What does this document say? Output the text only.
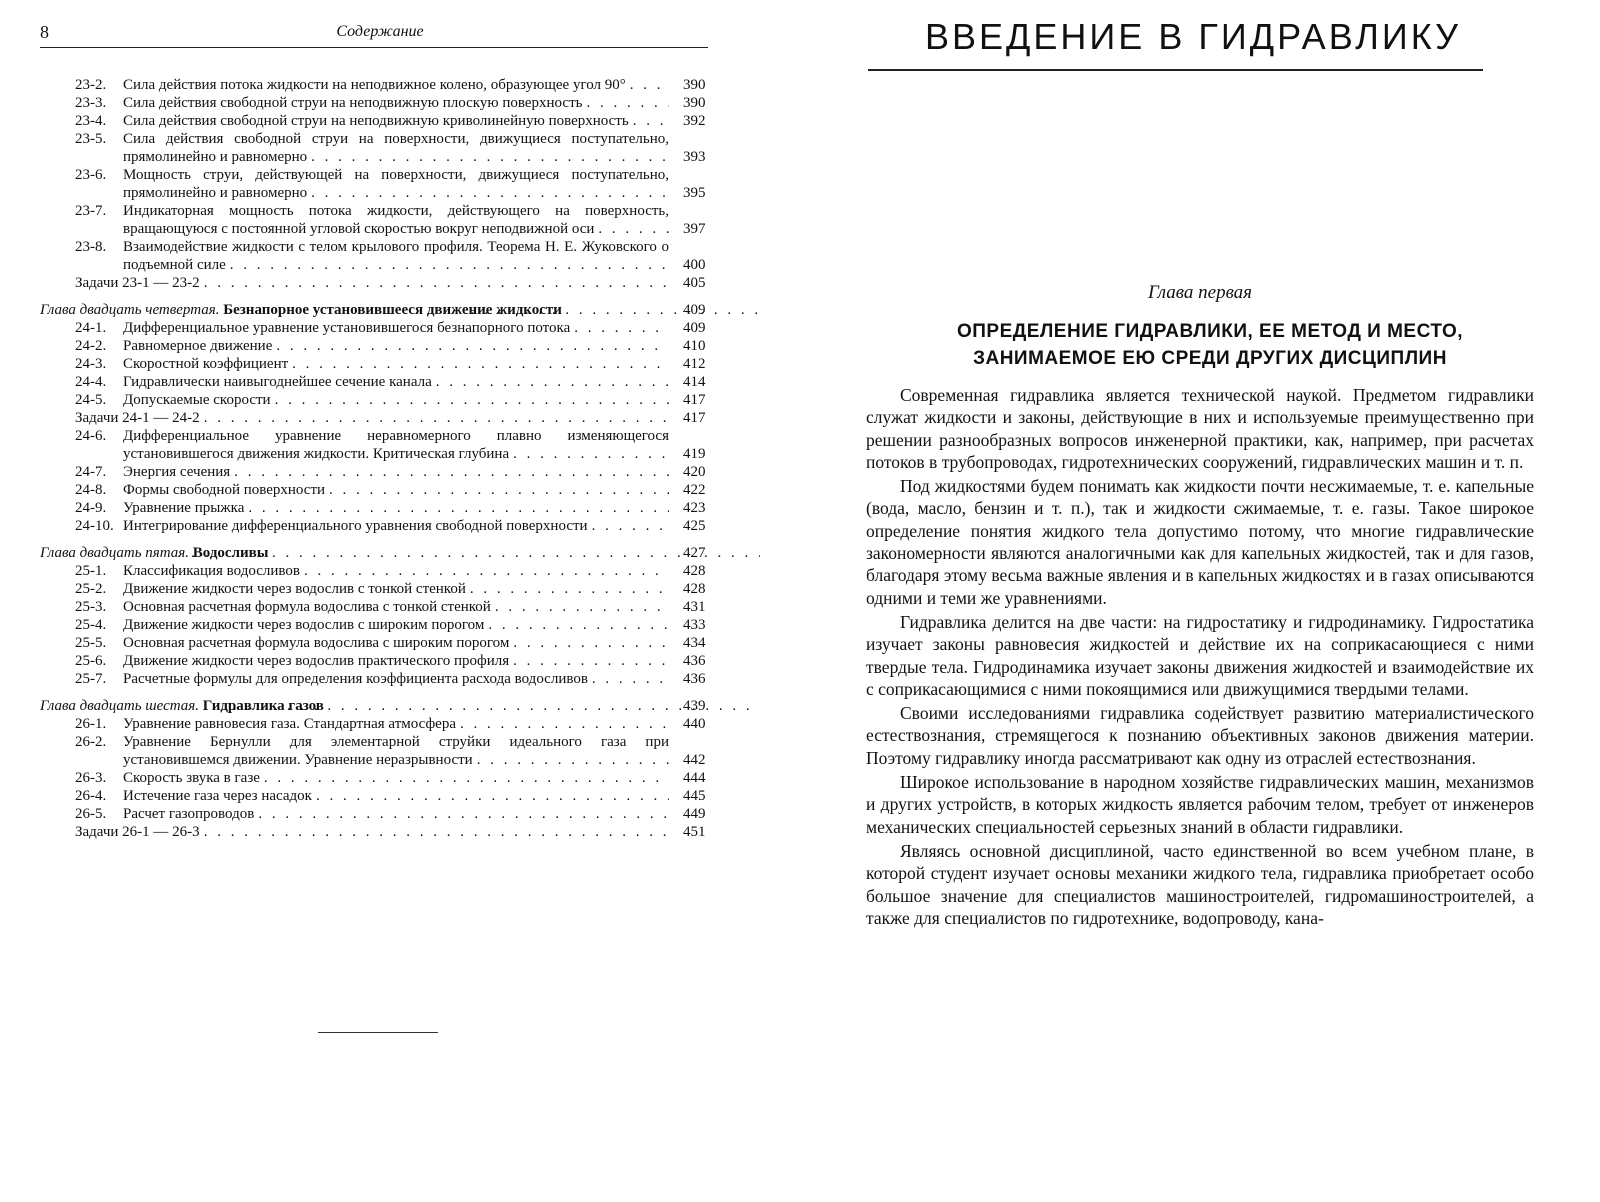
8	Содержание
23-2.	Сила действия потока жидкости на неподвижное колено, образующее угол 90° . . .	390
23-3.	Сила действия свободной струи на неподвижную плоскую поверхность . . .	390
23-4.	Сила действия свободной струи на неподвижную криволинейную поверхность . . .	392
23-5.	Сила действия свободной струи на поверхности, движущиеся поступательно, прямолинейно и равномерно . . .	393
23-6.	Мощность струи, действующей на поверхности, движущиеся поступательно, прямолинейно и равномерно . . .	395
23-7.	Индикаторная мощность потока жидкости, действующего на поверхность, вращающуюся с постоянной угловой скоростью вокруг неподвижной оси . . .	397
23-8.	Взаимодействие жидкости с телом крылового профиля. Теорема Н. Е. Жуковского о подъемной силе . . .	400
Задачи 23-1 — 23-2 . . .	405
Глава двадцать четвертая. Безнапорное установившееся движение жидкости . . .	409
24-1.	Дифференциальное уравнение установившегося безнапорного потока . . .	409
24-2.	Равномерное движение . . .	410
24-3.	Скоростной коэффициент . . .	412
24-4.	Гидравлически наивыгоднейшее сечение канала . . .	414
24-5.	Допускаемые скорости . . .	417
Задачи 24-1 — 24-2 . . .	417
24-6.	Дифференциальное уравнение неравномерного плавно изменяющегося установившегося движения жидкости. Критическая глубина . . .	419
24-7.	Энергия сечения . . .	420
24-8.	Формы свободной поверхности . . .	422
24-9.	Уравнение прыжка . . .	423
24-10. Интегрирование дифференциального уравнения свободной поверхности . . .	425
Глава двадцать пятая. Водосливы . . .	427
25-1.	Классификация водосливов . . .	428
25-2.	Движение жидкости через водослив с тонкой стенкой . . .	428
25-3.	Основная расчетная формула водослива с тонкой стенкой . . .	431
25-4.	Движение жидкости через водослив с широким порогом . . .	433
25-5.	Основная расчетная формула водослива с широким порогом . . .	434
25-6.	Движение жидкости через водослив практического профиля . . .	436
25-7.	Расчетные формулы для определения коэффициента расхода водосливов . . .	436
Глава двадцать шестая. Гидравлика газов . . .	439
26-1.	Уравнение равновесия газа. Стандартная атмосфера . . .	440
26-2.	Уравнение Бернулли для элементарной струйки идеального газа при установившемся движении. Уравнение неразрывности . . .	442
26-3.	Скорость звука в газе . . .	444
26-4.	Истечение газа через насадок . . .	445
26-5.	Расчет газопроводов . . .	449
Задачи 26-1 — 26-3 . . .	451
ВВЕДЕНИЕ В ГИДРАВЛИКУ
Глава первая
ОПРЕДЕЛЕНИЕ ГИДРАВЛИКИ, ЕЕ МЕТОД И МЕСТО,
ЗАНИМАЕМОЕ ЕЮ СРЕДИ ДРУГИХ ДИСЦИПЛИН

Современная гидравлика является технической наукой. Предметом гидравлики служат жидкости и законы, действующие в них и используемые преимущественно при решении разнообразных вопросов инженерной практики, как, например, при расчетах потоков в трубопроводах, гидротехнических сооружений, гидравлических машин и т. п.

Под жидкостями будем понимать как жидкости почти несжимаемые, т. е. капельные (вода, масло, бензин и т. п.), так и жидкости сжимаемые, т. е. газы. Такое широкое определение понятия жидкого тела допустимо потому, что многие гидравлические закономерности являются аналогичными как для капельных жидкостей, так и для газов, благодаря этому весьма важные явления и в капельных жидкостях и в газах описываются одними и теми же уравнениями.

Гидравлика делится на две части: на гидростатику и гидродинамику. Гидростатика изучает законы равновесия жидкостей и действие их на соприкасающиеся с ними твердые тела. Гидродинамика изучает законы движения жидкостей и взаимодействие их с соприкасающимися с ними покоящимися или движущимися твердыми телами.

Своими исследованиями гидравлика содействует развитию материалистического естествознания, стремящегося к познанию объективных законов движения материи. Поэтому гидравлику иногда рассматривают как одну из отраслей естествознания.

Широкое использование в народном хозяйстве гидравлических машин, механизмов и других устройств, в которых жидкость является рабочим телом, требует от инженеров механических специальностей серьезных знаний в области гидравлики.

Являясь основной дисциплиной, часто единственной во всем учебном плане, в которой студент изучает основы механики жидкого тела, гидравлика приобретает особо большое значение для специалистов машиностроителей, гидромашиностроителей, а также для специалистов по гидротехнике, водопроводу, кана-
